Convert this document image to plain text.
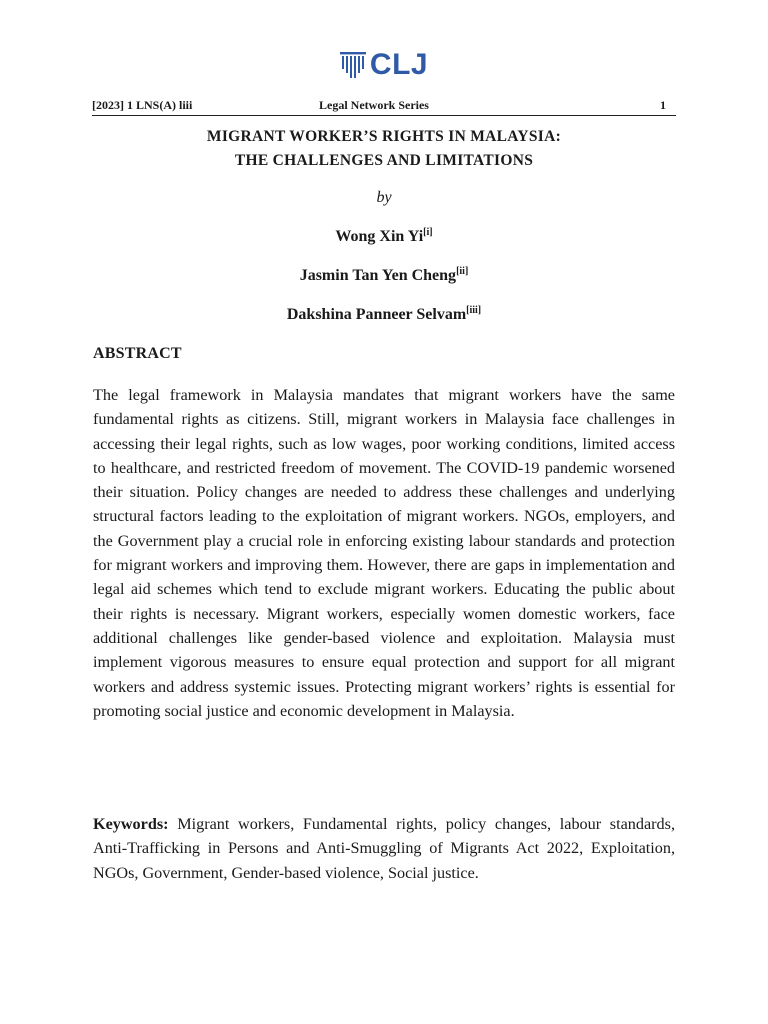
CLJ
[2023] 1 LNS(A) liii	Legal Network Series	1
MIGRANT WORKER’S RIGHTS IN MALAYSIA:
THE CHALLENGES AND LIMITATIONS
by
Wong Xin Yi[i]
Jasmin Tan Yen Cheng[ii]
Dakshina Panneer Selvam[iii]
ABSTRACT
The legal framework in Malaysia mandates that migrant workers have the same fundamental rights as citizens. Still, migrant workers in Malaysia face challenges in accessing their legal rights, such as low wages, poor working conditions, limited access to healthcare, and restricted freedom of movement. The COVID-19 pandemic worsened their situation. Policy changes are needed to address these challenges and underlying structural factors leading to the exploitation of migrant workers. NGOs, employers, and the Government play a crucial role in enforcing existing labour standards and protection for migrant workers and improving them. However, there are gaps in implementation and legal aid schemes which tend to exclude migrant workers. Educating the public about their rights is necessary. Migrant workers, especially women domestic workers, face additional challenges like gender-based violence and exploitation. Malaysia must implement vigorous measures to ensure equal protection and support for all migrant workers and address systemic issues. Protecting migrant workers’ rights is essential for promoting social justice and economic development in Malaysia.
Keywords: Migrant workers, Fundamental rights, policy changes, labour standards, Anti-Trafficking in Persons and Anti-Smuggling of Migrants Act 2022, Exploitation, NGOs, Government, Gender-based violence, Social justice.
